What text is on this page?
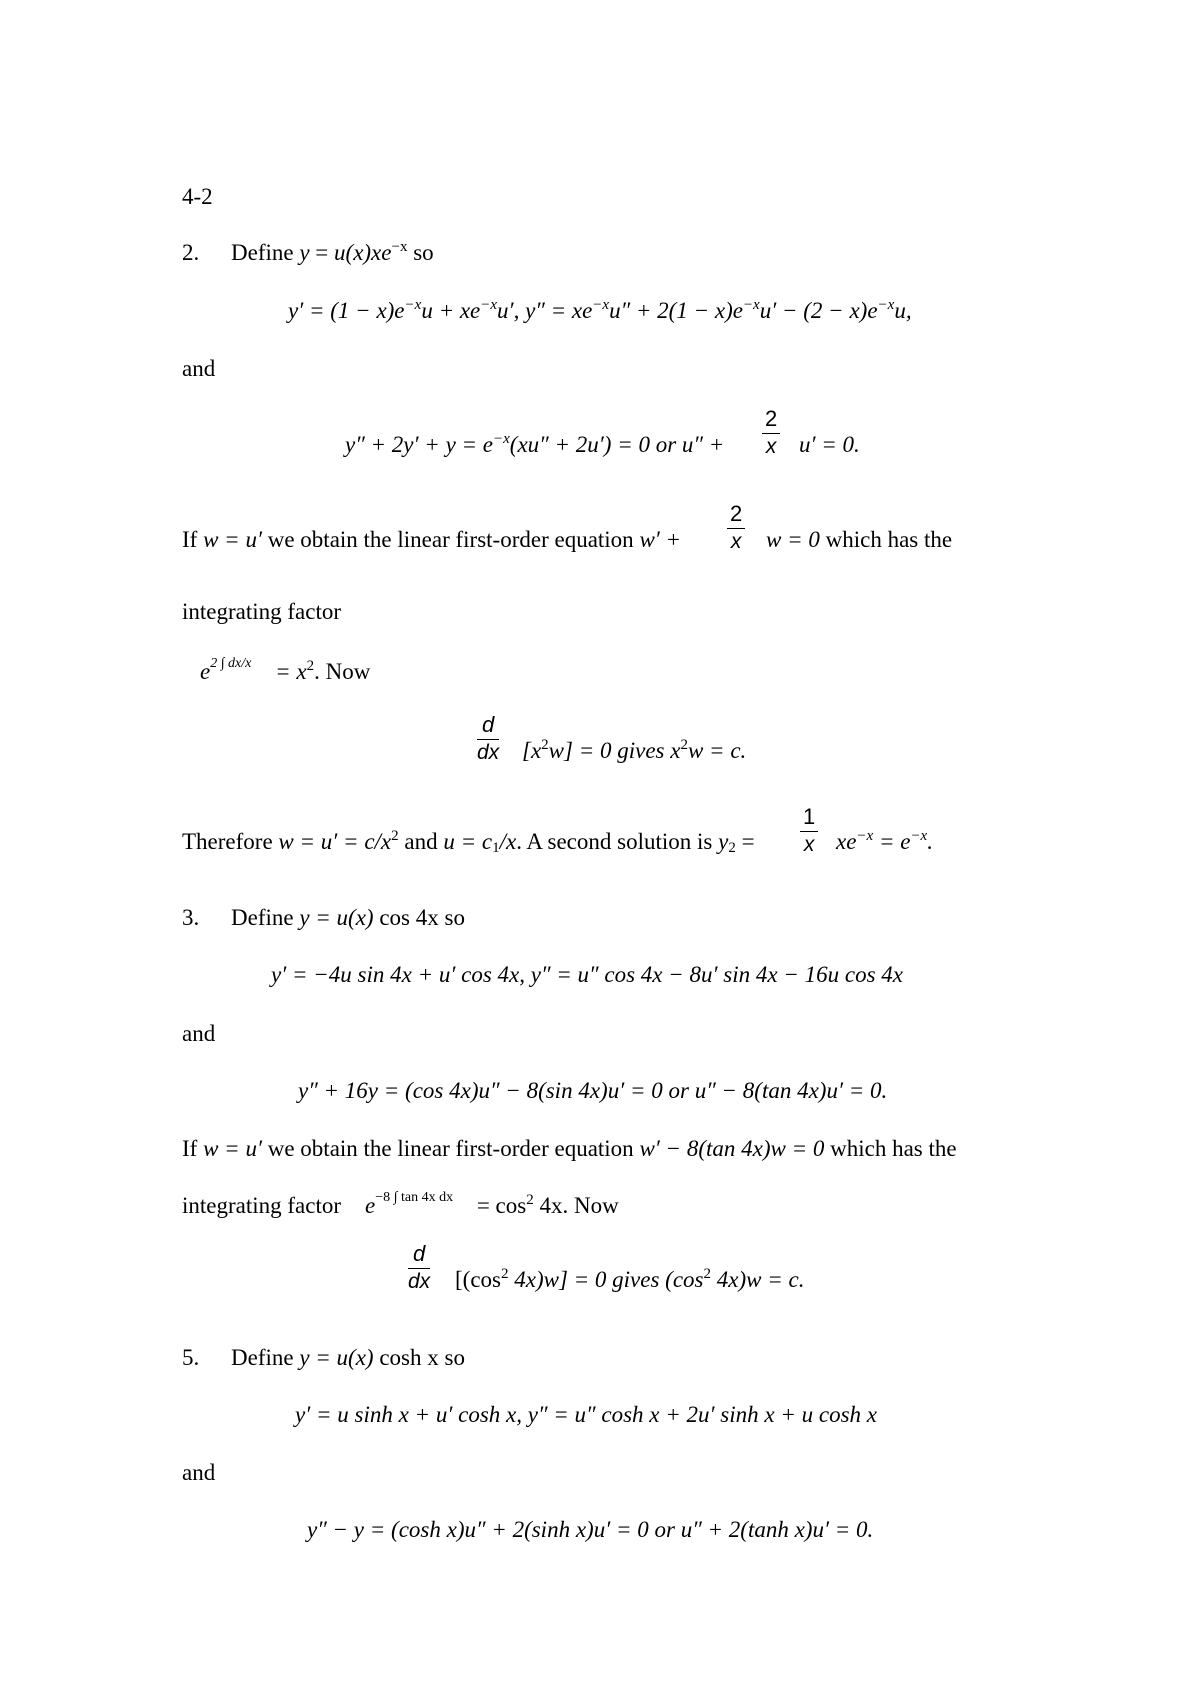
4-2
2. Define $y = u(x)xe^{-x}$ so
$y' = (1 - x)e^{-x}u + xe^{-x}u'$, $y'' = xe^{-x}u'' + 2(1 - x)e^{-x}u' - (2 - x)e^{-x}u$,
and
$y'' + 2y' + y = e^{-x}(xu'' + 2u') = 0$ or u″ +
2
x u′ = 0.
If w = u′ we obtain the linear first-order equation w′ +
2
x w = 0 which has the
integrating factor
$e^{2 \int dx/x} = x^2$. Now
d
dx $[x^2w] = 0$ gives $x^2w = c$.
Therefore $w = u' = c/x^2$ and $u = c_1/x$. A second solution is $y_2$ =
1
x $xe^{-x} = e^{-x}$.
3. Define y = u(x) cos 4x so
y′ = −4u sin 4x + u′ cos 4x, y″ = u″ cos 4x − 8u′ sin 4x − 16u cos 4x
and
y″ + 16y = (cos 4x)u″ − 8(sin 4x)u′ = 0 or u″ − 8(tan 4x)u′ = 0.
If w = u′ we obtain the linear first-order equation w′ − 8(tan 4x)w = 0 which has the
integrating factor $e^{-8 \int tan 4x dx} = \cos^2 4x$. Now
d
dx [($\cos^2$ 4x)w] = 0 gives ($\cos^2$ 4x)w = c.
5. Define y = u(x) cosh x so
y′ = u sinh x + u′ cosh x, y″ = u″ cosh x + 2u′ sinh x + u cosh x
and
y″ − y = (cosh x)u″ + 2(sinh x)u′ = 0 or u″ + 2(tanh x)u′ = 0.
